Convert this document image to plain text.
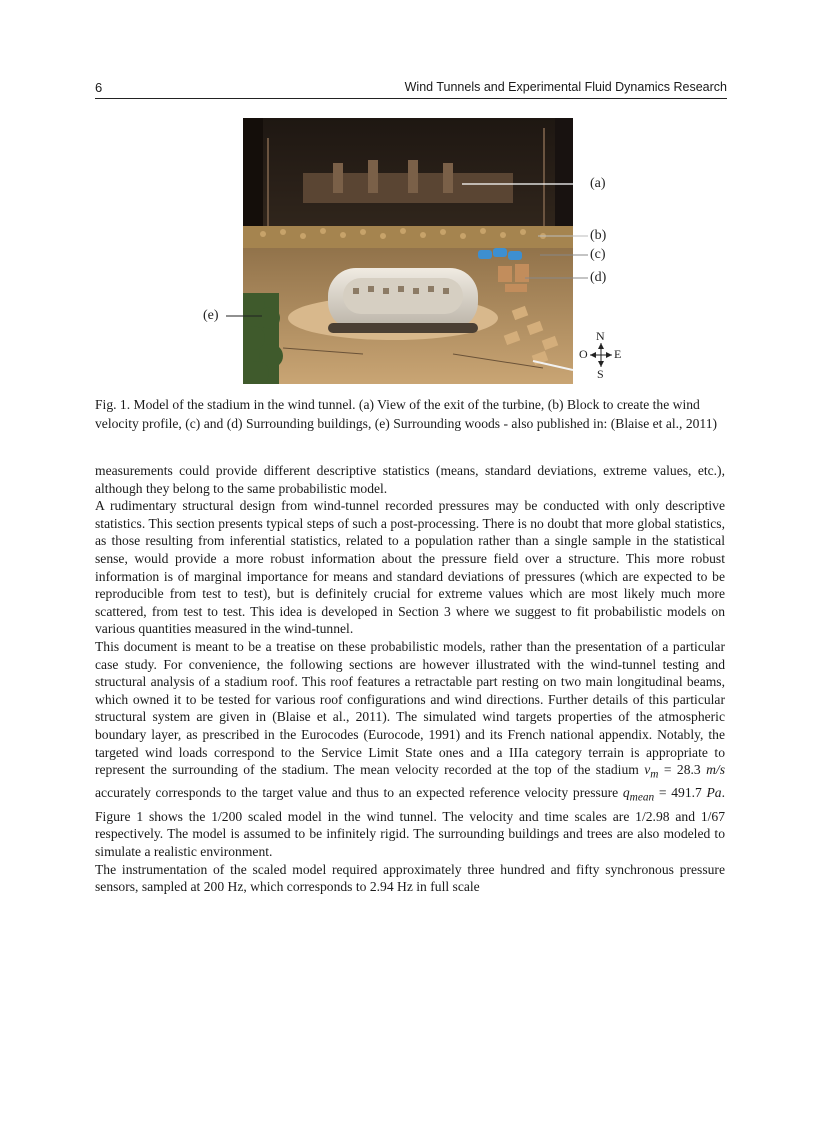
6	Wind Tunnels and Experimental Fluid Dynamics Research
(a)
(b)
(c)
(d)
(e)
N
O E
S
Fig. 1. Model of the stadium in the wind tunnel. (a) View of the exit of the turbine, (b) Block to create the wind velocity profile, (c) and (d) Surrounding buildings, (e) Surrounding woods - also published in: (Blaise et al., 2011)

measurements could provide different descriptive statistics (means, standard deviations, extreme values, etc.), although they belong to the same probabilistic model.

A rudimentary structural design from wind-tunnel recorded pressures may be conducted with only descriptive statistics. This section presents typical steps of such a post-processing. There is no doubt that more global statistics, as those resulting from inferential statistics, related to a population rather than a single sample in the statistical sense, would provide a more robust information about the pressure field over a structure. This more robust information is of marginal importance for means and standard deviations of pressures (which are expected to be reproducible from test to test), but is definitely crucial for extreme values which are most likely much more scattered, from test to test. This idea is developed in Section 3 where we suggest to fit probabilistic models on various quantities measured in the wind-tunnel.

This document is meant to be a treatise on these probabilistic models, rather than the presentation of a particular case study. For convenience, the following sections are however illustrated with the wind-tunnel testing and structural analysis of a stadium roof. This roof features a retractable part resting on two main longitudinal beams, which owned it to be tested for various roof configurations and wind directions. Further details of this particular structural system are given in (Blaise et al., 2011). The simulated wind targets properties of the atmospheric boundary layer, as prescribed in the Eurocodes (Eurocode, 1991) and its French national appendix. Notably, the targeted wind loads correspond to the Service Limit State ones and a IIIa category terrain is appropriate to represent the surrounding of the stadium. The mean velocity recorded at the top of the stadium $v_m = 28.3$ m/s accurately corresponds to the target value and thus to an expected reference velocity pressure $q_{mean} = 491.7$ Pa. Figure 1 shows the 1/200 scaled model in the wind tunnel. The velocity and time scales are 1/2.98 and 1/67 respectively. The model is assumed to be infinitely rigid. The surrounding buildings and trees are also modeled to simulate a realistic environment.

The instrumentation of the scaled model required approximately three hundred and fifty synchronous pressure sensors, sampled at 200 Hz, which corresponds to 2.94 Hz in full scale
